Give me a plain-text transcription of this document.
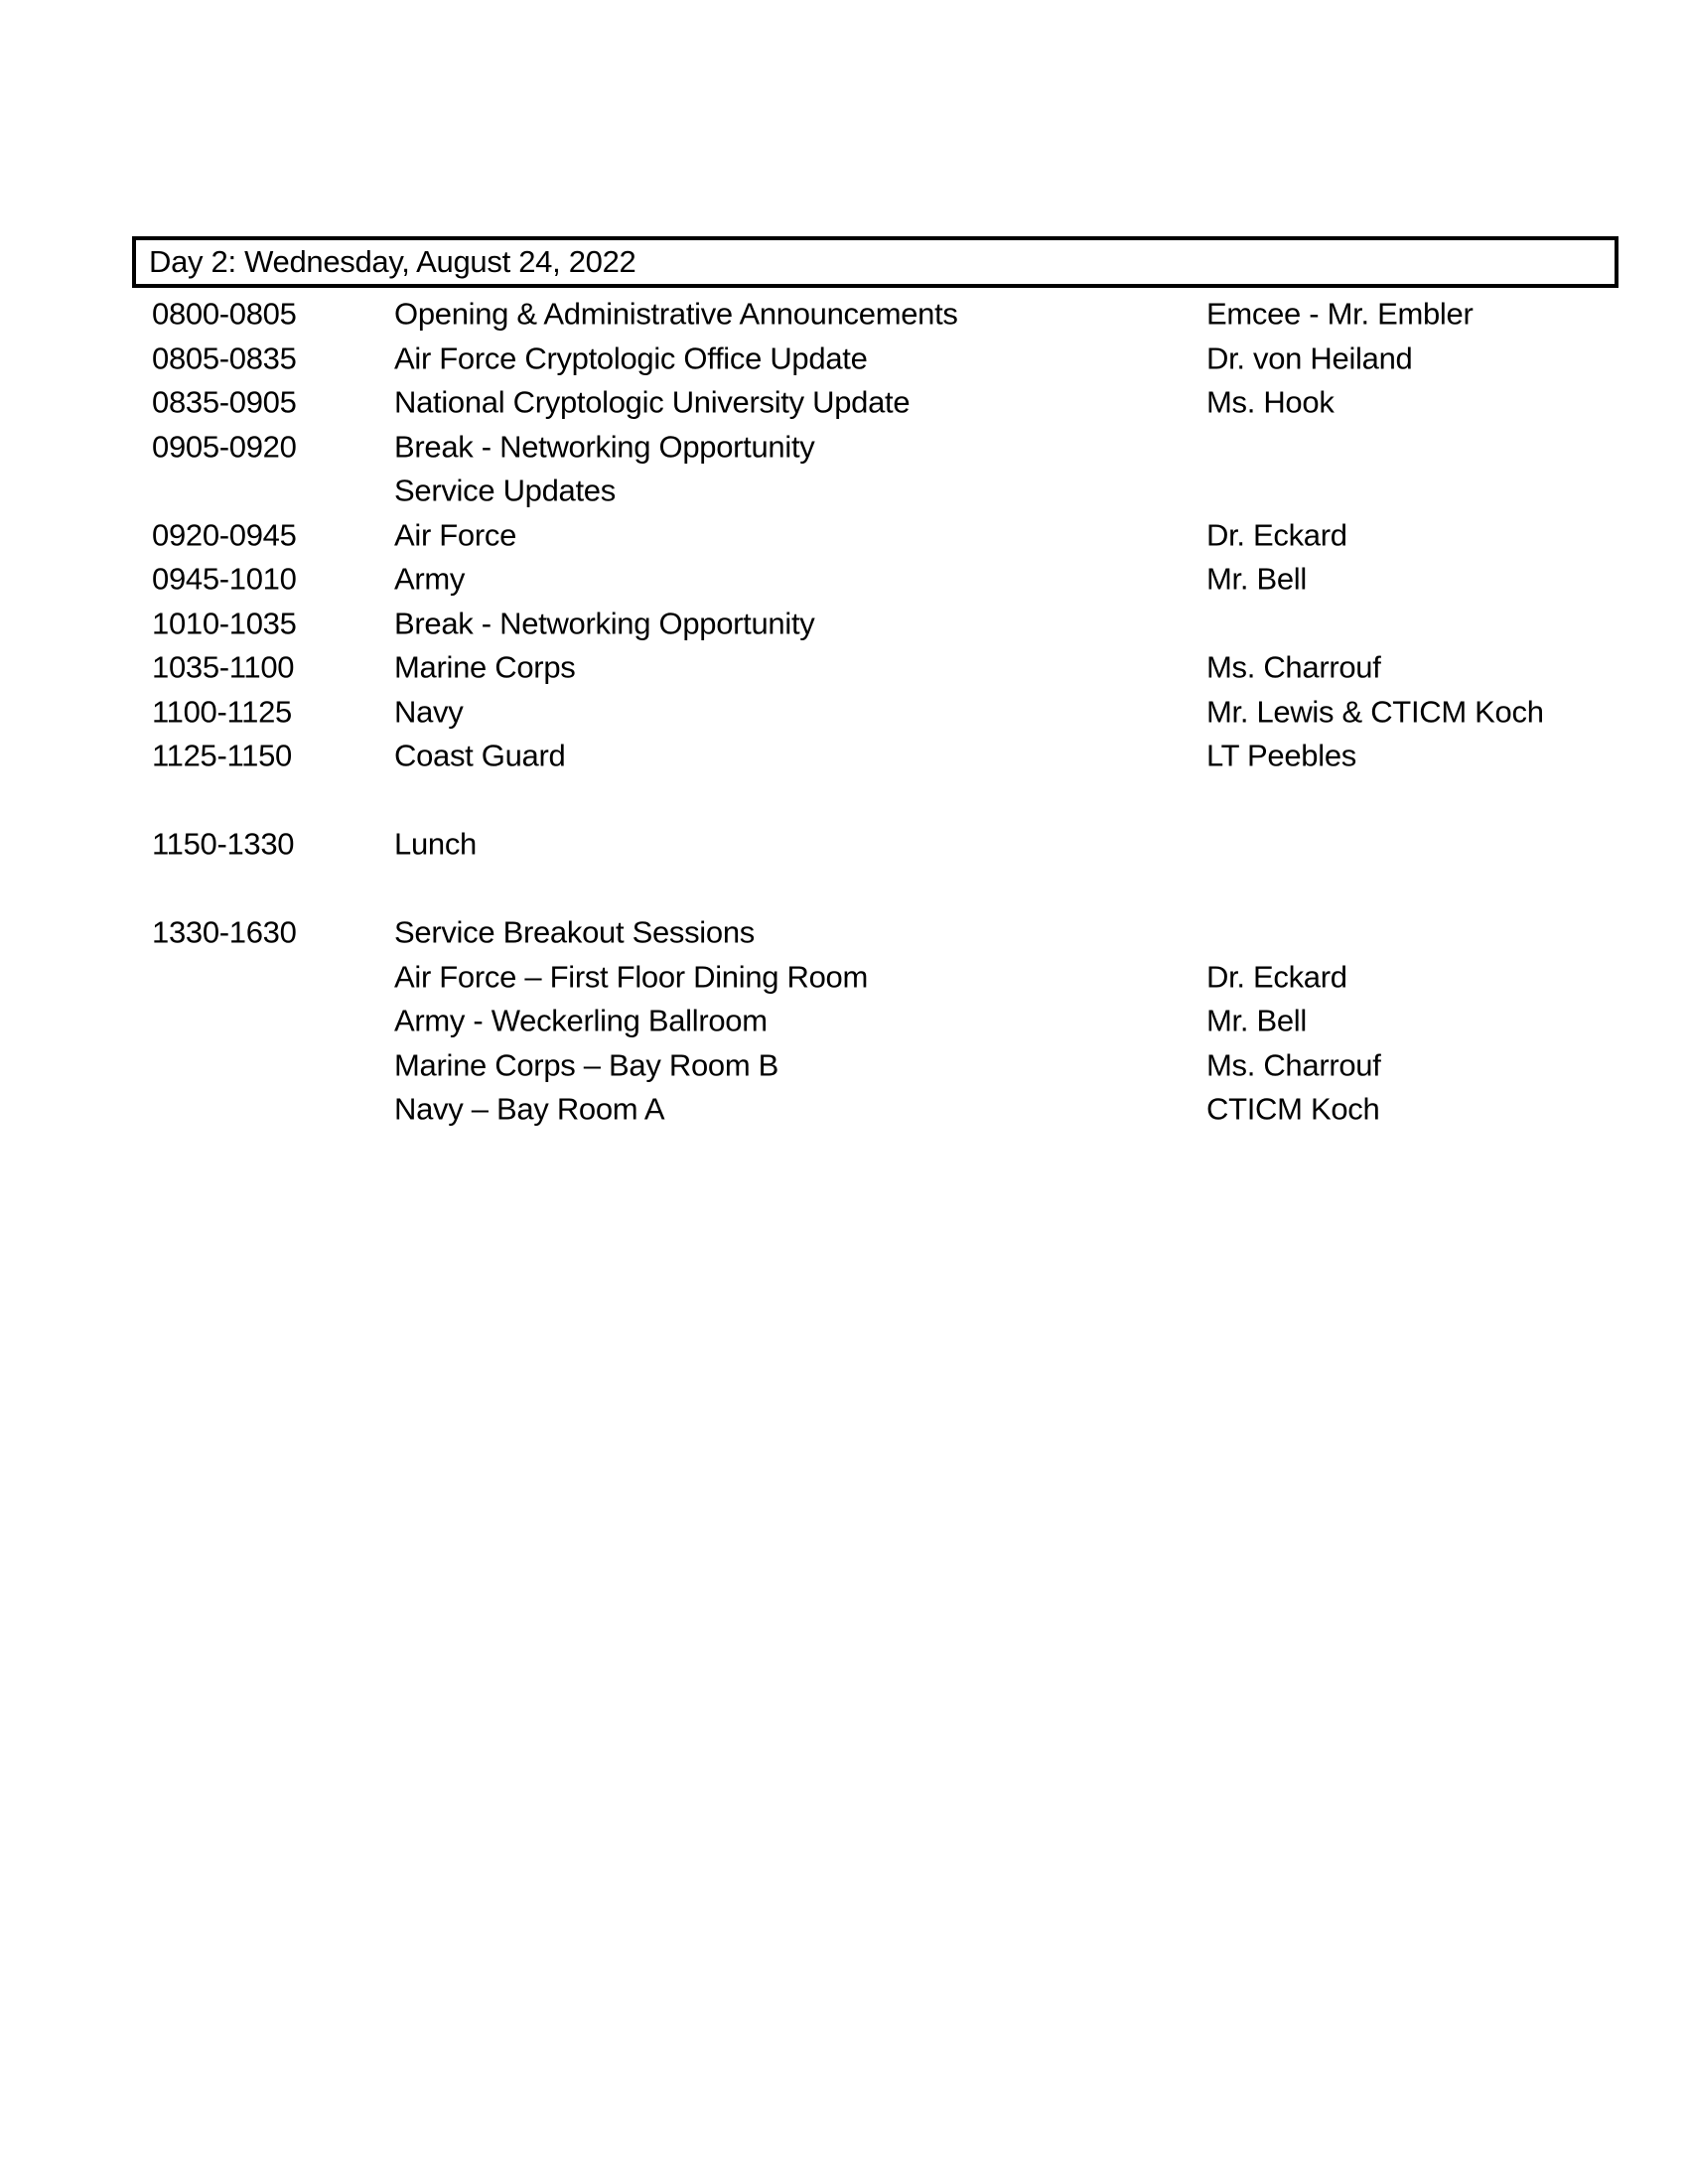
Day 2: Wednesday, August 24, 2022
0800-0805	Opening & Administrative Announcements	Emcee - Mr. Embler
0805-0835	Air Force Cryptologic Office Update	Dr. von Heiland
0835-0905	National Cryptologic University Update	Ms. Hook
0905-0920	Break - Networking Opportunity
Service Updates
0920-0945	Air Force	Dr. Eckard
0945-1010	Army	Mr. Bell
1010-1035	Break - Networking Opportunity
1035-1100	Marine Corps	Ms. Charrouf
1100-1125	Navy	Mr. Lewis & CTICM Koch
1125-1150	Coast Guard	LT Peebles
1150-1330	Lunch
1330-1630	Service Breakout Sessions
Air Force – First Floor Dining Room	Dr. Eckard
Army - Weckerling Ballroom	Mr. Bell
Marine Corps – Bay Room B	Ms. Charrouf
Navy – Bay Room A	CTICM Koch
